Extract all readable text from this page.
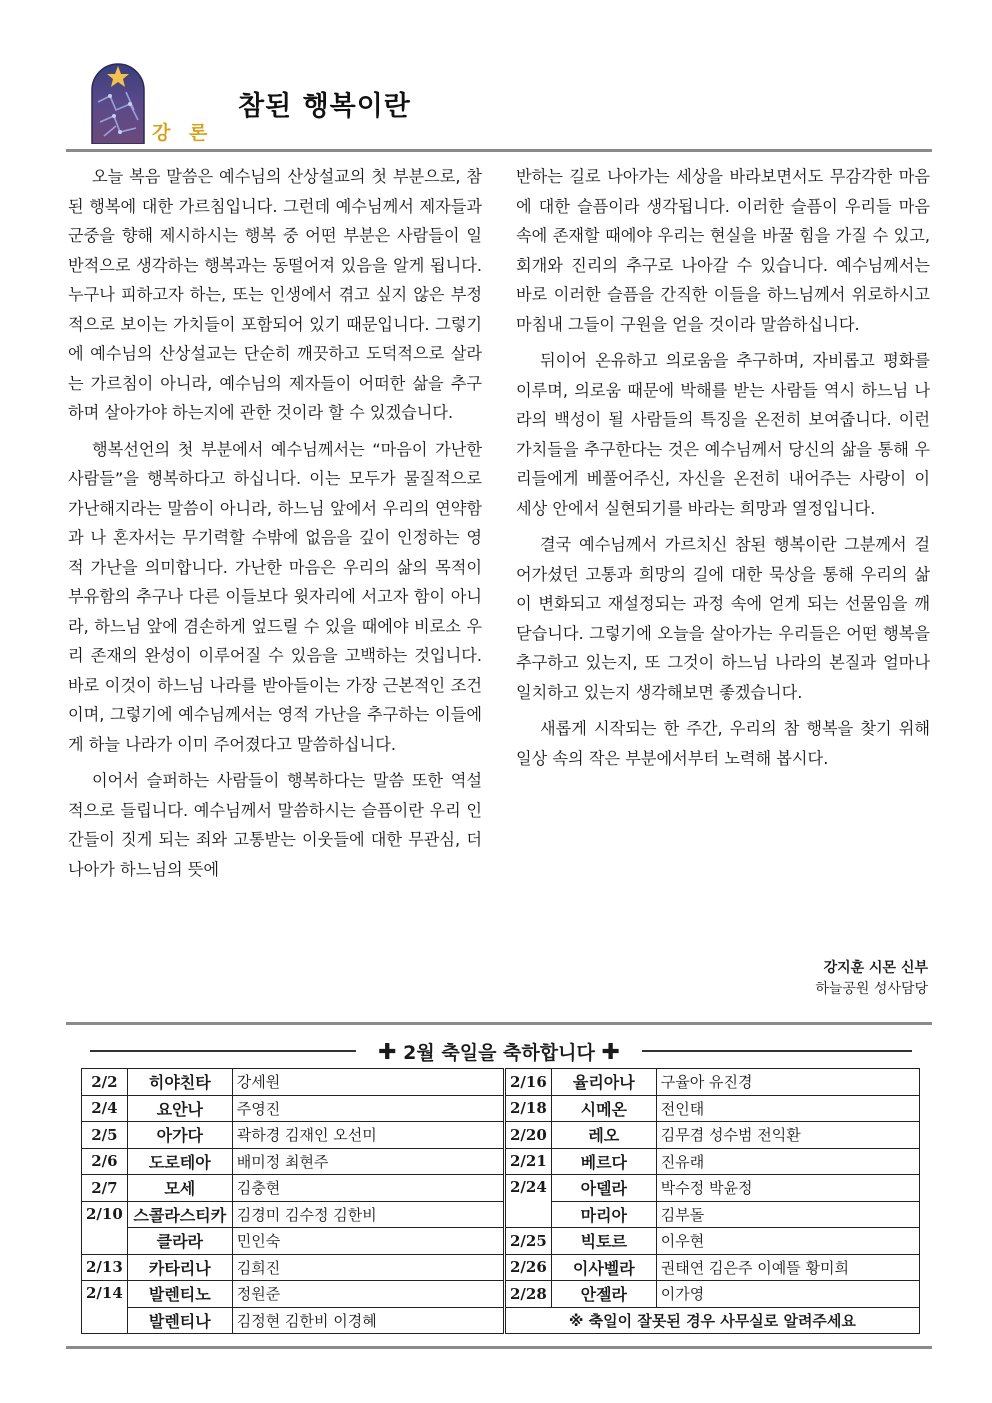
강 론
참된 행복이란

오늘 복음 말씀은 예수님의 산상설교의 첫 부분으로, 참된 행복에 대한 가르침입니다. 그런데 예수님께서 제자들과 군중을 향해 제시하시는 행복 중 어떤 부분은 사람들이 일반적으로 생각하는 행복과는 동떨어져 있음을 알게 됩니다. 누구나 피하고자 하는, 또는 인생에서 겪고 싶지 않은 부정적으로 보이는 가치들이 포함되어 있기 때문입니다. 그렇기에 예수님의 산상설교는 단순히 깨끗하고 도덕적으로 살라는 가르침이 아니라, 예수님의 제자들이 어떠한 삶을 추구하며 살아가야 하는지에 관한 것이라 할 수 있겠습니다.

행복선언의 첫 부분에서 예수님께서는 “마음이 가난한 사람들”을 행복하다고 하십니다. 이는 모두가 물질적으로 가난해지라는 말씀이 아니라, 하느님 앞에서 우리의 연약함과 나 혼자서는 무기력할 수밖에 없음을 깊이 인정하는 영적 가난을 의미합니다. 가난한 마음은 우리의 삶의 목적이 부유함의 추구나 다른 이들보다 윗자리에 서고자 함이 아니라, 하느님 앞에 겸손하게 엎드릴 수 있을 때에야 비로소 우리 존재의 완성이 이루어질 수 있음을 고백하는 것입니다. 바로 이것이 하느님 나라를 받아들이는 가장 근본적인 조건이며, 그렇기에 예수님께서는 영적 가난을 추구하는 이들에게 하늘 나라가 이미 주어졌다고 말씀하십니다.

이어서 슬퍼하는 사람들이 행복하다는 말씀 또한 역설적으로 들립니다. 예수님께서 말씀하시는 슬픔이란 우리 인간들이 짓게 되는 죄와 고통받는 이웃들에 대한 무관심, 더 나아가 하느님의 뜻에

반하는 길로 나아가는 세상을 바라보면서도 무감각한 마음에 대한 슬픔이라 생각됩니다. 이러한 슬픔이 우리들 마음속에 존재할 때에야 우리는 현실을 바꿀 힘을 가질 수 있고, 회개와 진리의 추구로 나아갈 수 있습니다. 예수님께서는 바로 이러한 슬픔을 간직한 이들을 하느님께서 위로하시고 마침내 그들이 구원을 얻을 것이라 말씀하십니다.

뒤이어 온유하고 의로움을 추구하며, 자비롭고 평화를 이루며, 의로움 때문에 박해를 받는 사람들 역시 하느님 나라의 백성이 될 사람들의 특징을 온전히 보여줍니다. 이런 가치들을 추구한다는 것은 예수님께서 당신의 삶을 통해 우리들에게 베풀어주신, 자신을 온전히 내어주는 사랑이 이 세상 안에서 실현되기를 바라는 희망과 열정입니다.

결국 예수님께서 가르치신 참된 행복이란 그분께서 걸어가셨던 고통과 희망의 길에 대한 묵상을 통해 우리의 삶이 변화되고 재설정되는 과정 속에 얻게 되는 선물임을 깨닫습니다. 그렇기에 오늘을 살아가는 우리들은 어떤 행복을 추구하고 있는지, 또 그것이 하느님 나라의 본질과 얼마나 일치하고 있는지 생각해보면 좋겠습니다.

새롭게 시작되는 한 주간, 우리의 참 행복을 찾기 위해 일상 속의 작은 부분에서부터 노력해 봅시다.

강지훈 시몬 신부
하늘공원 성사담당
✚ 2월 축일을 축하합니다 ✚
2/2	히야친타	강세원
2/4	요안나	주영진
2/5	아가다	곽하경 김재인 오선미
2/6	도로테아	배미정 최현주
2/7	모세	김충현
2/10	스콜라스티카	김경미 김수정 김한비
	클라라	민인숙
2/13	카타리나	김희진
2/14	발렌티노	정원준
	발렌티나	김정현 김한비 이경혜
2/16	율리아나	구율아 유진경
2/18	시메온	전인태
2/20	레오	김무겸 성수범 전익환
2/21	베르다	진유래
2/24	아델라	박수정 박윤정
	마리아	김부돌
2/25	빅토르	이우현
2/26	이사벨라	권태연 김은주 이예뜰 황미희
2/28	안젤라	이가영
※ 축일이 잘못된 경우 사무실로 알려주세요		
